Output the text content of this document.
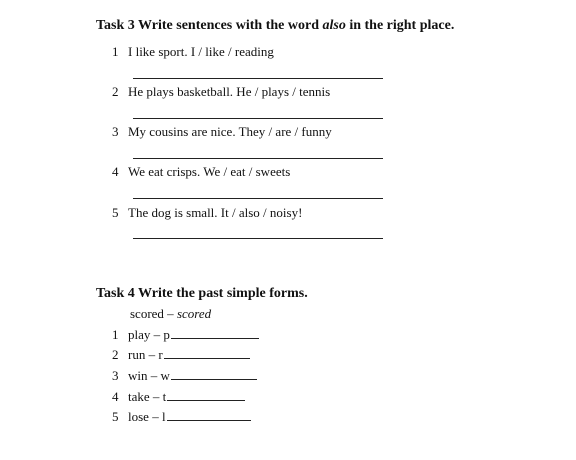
Task 3 Write sentences with the word also in the right place.
1 I like sport. I / like / reading
2 He plays basketball. He / plays / tennis
3 My cousins are nice. They / are / funny
4 We eat crisps. We / eat / sweets
5 The dog is small. It / also / noisy!
Task 4 Write the past simple forms.
scored – scored
1 play – p
2 run – r
3 win – w
4 take – t
5 lose – l
